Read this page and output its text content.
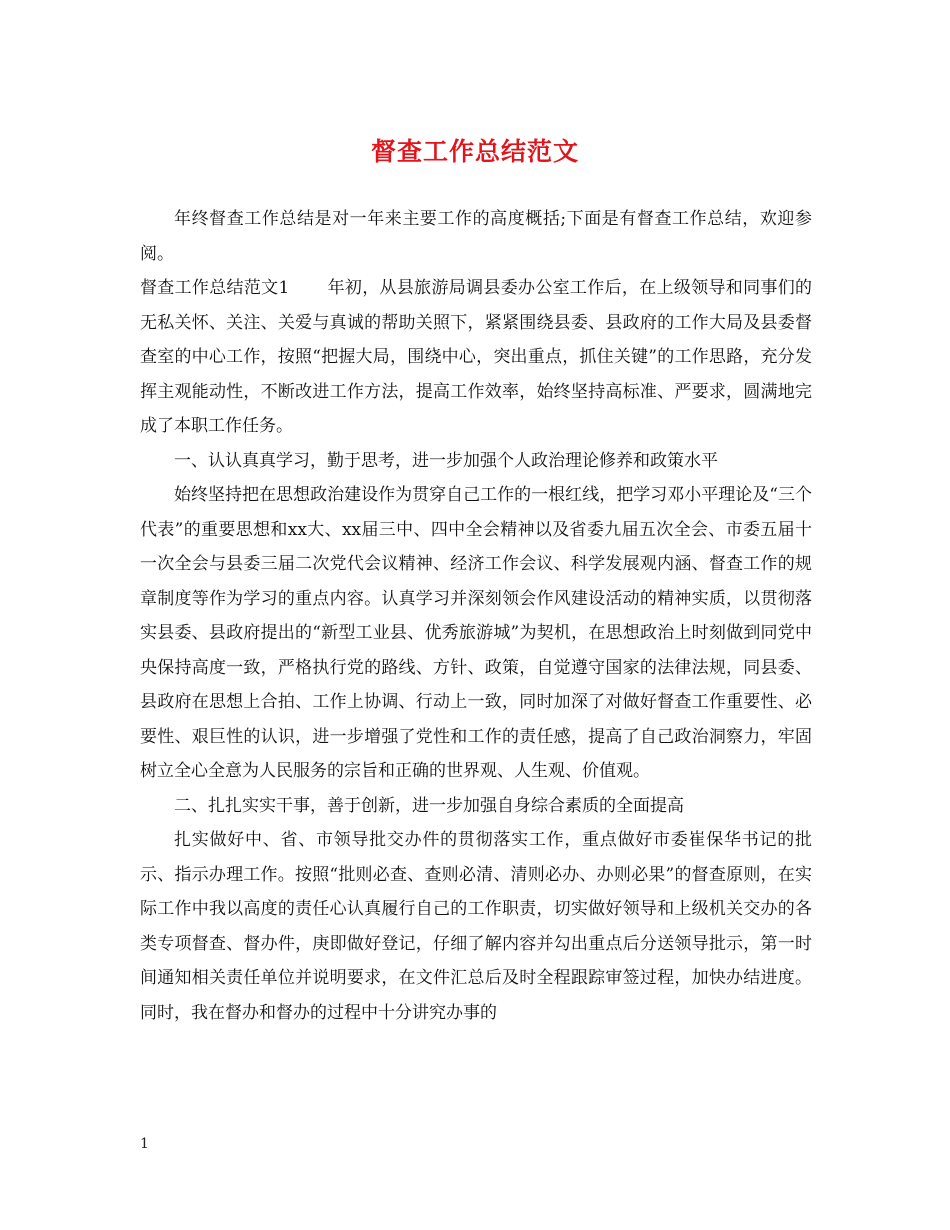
督查工作总结范文

年终督查工作总结是对一年来主要工作的高度概括;下面是有督查工作总结，欢迎参阅。

督查工作总结范文1 年初，从县旅游局调县委办公室工作后，在上级领导和同事们的无私关怀、关注、关爱与真诚的帮助关照下，紧紧围绕县委、县政府的工作大局及县委督查室的中心工作，按照“把握大局，围绕中心，突出重点，抓住关键”的工作思路，充分发挥主观能动性，不断改进工作方法，提高工作效率，始终坚持高标准、严要求，圆满地完成了本职工作任务。

一、认认真真学习，勤于思考，进一步加强个人政治理论修养和政策水平

始终坚持把在思想政治建设作为贯穿自己工作的一根红线，把学习邓小平理论及“三个代表”的重要思想和xx大、xx届三中、四中全会精神以及省委九届五次全会、市委五届十一次全会与县委三届二次党代会议精神、经济工作会议、科学发展观内涵、督查工作的规章制度等作为学习的重点内容。认真学习并深刻领会作风建设活动的精神实质，以贯彻落实县委、县政府提出的“新型工业县、优秀旅游城”为契机，在思想政治上时刻做到同党中央保持高度一致，严格执行党的路线、方针、政策，自觉遵守国家的法律法规，同县委、县政府在思想上合拍、工作上协调、行动上一致，同时加深了对做好督查工作重要性、必要性、艰巨性的认识，进一步增强了党性和工作的责任感，提高了自己政治洞察力，牢固树立全心全意为人民服务的宗旨和正确的世界观、人生观、价值观。

二、扎扎实实干事，善于创新，进一步加强自身综合素质的全面提高

扎实做好中、省、市领导批交办件的贯彻落实工作，重点做好市委崔保华书记的批示、指示办理工作。按照“批则必查、查则必清、清则必办、办则必果”的督查原则，在实际工作中我以高度的责任心认真履行自己的工作职责，切实做好领导和上级机关交办的各类专项督查、督办件，庚即做好登记，仔细了解内容并勾出重点后分送领导批示，第一时间通知相关责任单位并说明要求，在文件汇总后及时全程跟踪审签过程，加快办结进度。同时，我在督办和督办的过程中十分讲究办事的

1
